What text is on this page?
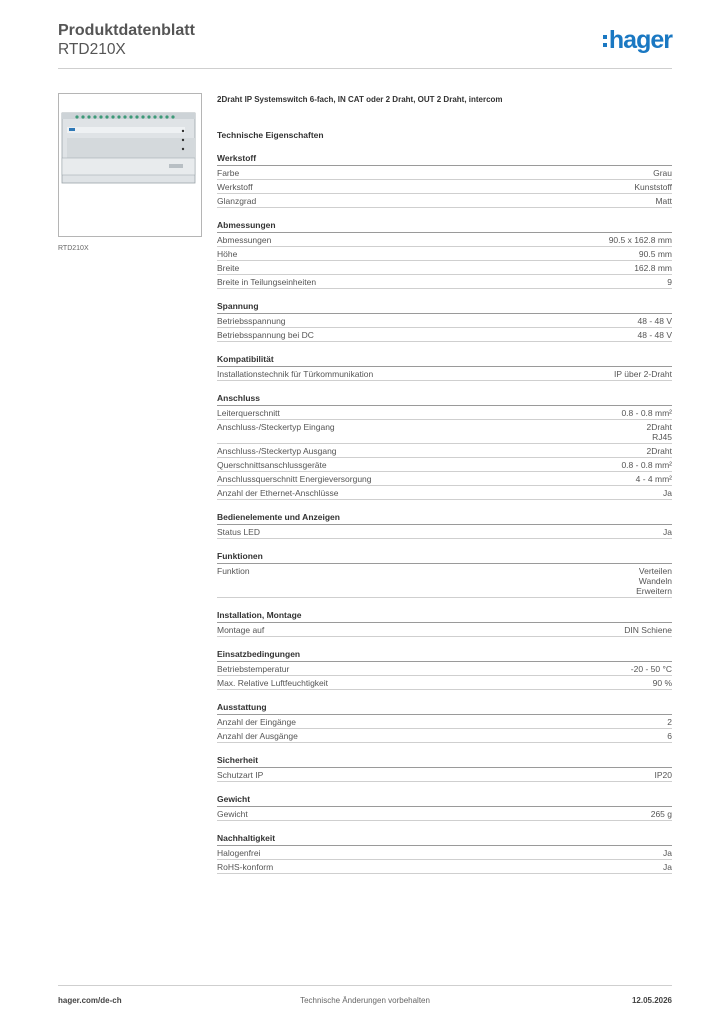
Produktdatenblatt
RTD210X	hager
RTD210X
2Draht IP Systemswitch 6-fach, IN CAT oder 2 Draht, OUT 2 Draht, intercom
Technische Eigenschaften
Werkstoff
Farbe	Grau
Werkstoff	Kunststoff
Glanzgrad	Matt
Abmessungen
Abmessungen	90.5 x 162.8 mm
Höhe	90.5 mm
Breite	162.8 mm
Breite in Teilungseinheiten	9
Spannung
Betriebsspannung	48 - 48 V
Betriebsspannung bei DC	48 - 48 V
Kompatibilität
Installationstechnik für Türkommunikation	IP über 2-Draht
Anschluss
Leiterquerschnitt	0.8 - 0.8 mm²
Anschluss-/Steckertyp Eingang	2Draht
RJ45
Anschluss-/Steckertyp Ausgang	2Draht
Querschnittsanschlussgeräte	0.8 - 0.8 mm²
Anschlussquerschnitt Energieversorgung	4 - 4 mm²
Anzahl der Ethernet-Anschlüsse	Ja
Bedienelemente und Anzeigen
Status LED	Ja
Funktionen
Funktion	Verteilen
Wandeln
Erweitern
Installation, Montage
Montage auf	DIN Schiene
Einsatzbedingungen
Betriebstemperatur	-20 - 50 °C
Max. Relative Luftfeuchtigkeit	90 %
Ausstattung
Anzahl der Eingänge	2
Anzahl der Ausgänge	6
Sicherheit
Schutzart IP	IP20
Gewicht
Gewicht	265 g
Nachhaltigkeit
Halogenfrei	Ja
RoHS-konform	Ja
hager.com/de-ch	Technische Änderungen vorbehalten	12.05.2026
